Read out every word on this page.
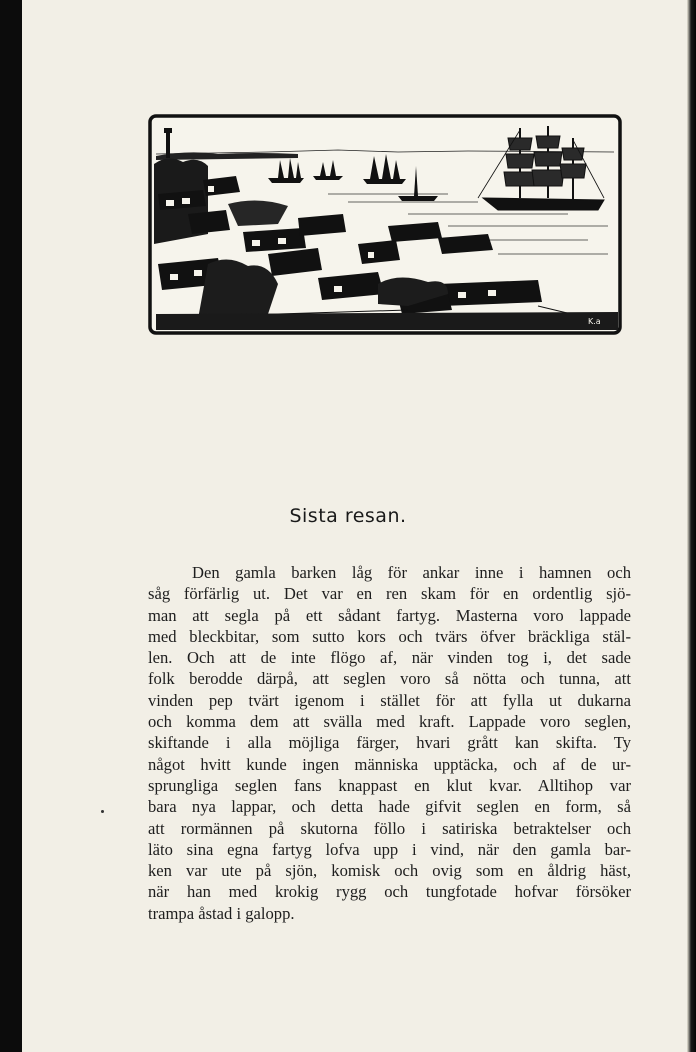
K.a
Sista resan.

Den gamla barken låg för ankar inne i hamnen och
såg förfärlig ut. Det var en ren skam för en ordentlig sjö-
man att segla på ett sådant fartyg. Masterna voro lappade
med bleckbitar, som sutto kors och tvärs öfver bräckliga stäl-
len. Och att de inte flögo af, när vinden tog i, det sade
folk berodde därpå, att seglen voro så nötta och tunna, att
vinden pep tvärt igenom i stället för att fylla ut dukarna
och komma dem att svälla med kraft. Lappade voro seglen,
skiftande i alla möjliga färger, hvari grått kan skifta. Ty
något hvitt kunde ingen människa upptäcka, och af de ur-
sprungliga seglen fans knappast en klut kvar. Alltihop var
bara nya lappar, och detta hade gifvit seglen en form, så
att rormännen på skutorna föllo i satiriska betraktelser och
läto sina egna fartyg lofva upp i vind, när den gamla bar-
ken var ute på sjön, komisk och ovig som en åldrig häst,
när han med krokig rygg och tungfotade hofvar försöker
trampa åstad i galopp.
